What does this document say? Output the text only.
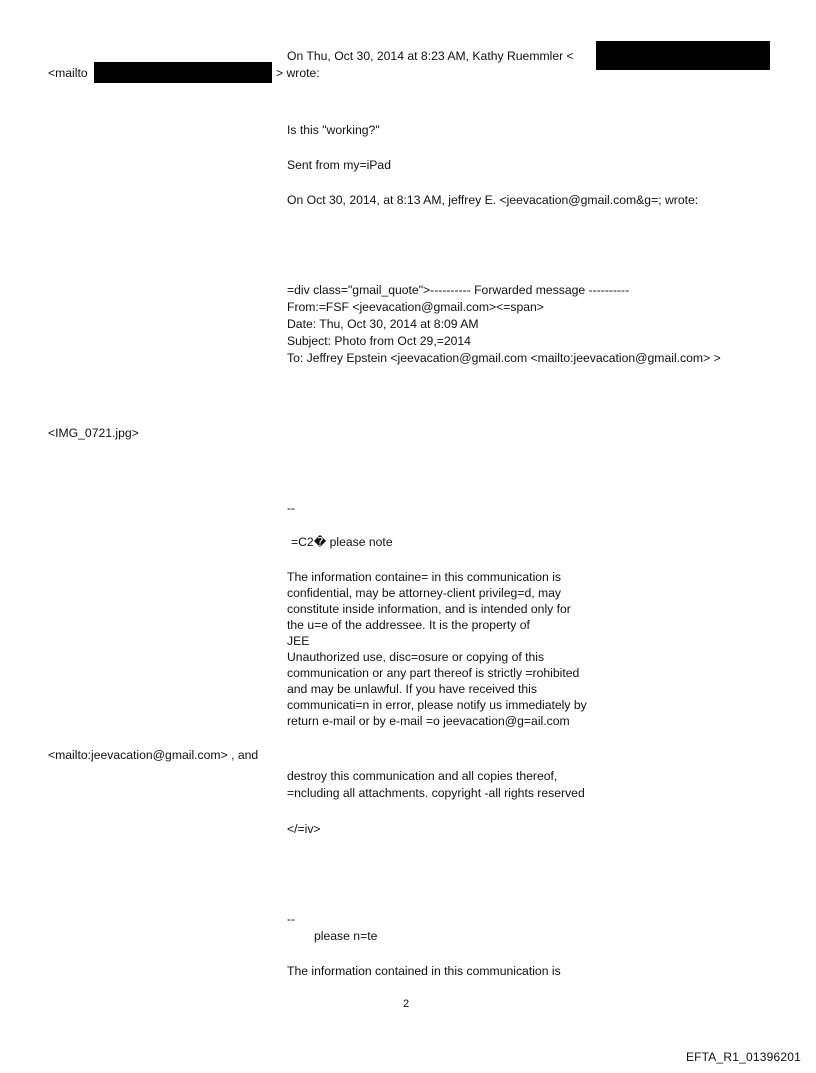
On Thu, Oct 30, 2014 at 8:23 AM, Kathy Ruemmler <

<mailto	> wrote:

Is this "working?"

Sent from my=iPad

On Oct 30, 2014, at 8:13 AM, jeffrey E. <jeevacation@gmail.com&g=; wrote:

=div class="gmail_quote">---------- Forwarded message ----------

From:=FSF <jeevacation@gmail.com><=span>

Date: Thu, Oct 30, 2014 at 8:09 AM

Subject: Photo from Oct 29,=2014

To: Jeffrey Epstein <jeevacation@gmail.com <mailto:jeevacation@gmail.com> >

<IMG_0721.jpg>

--

=C2� please note

The information containe= in this communication is

confidential, may be attorney-client privileg=d, may

constitute inside information, and is intended only for

the u=e of the addressee. It is the property of

JEE

Unauthorized use, disc=osure or copying of this

communication or any part thereof is strictly =rohibited

and may be unlawful. If you have received this

communicati=n in error, please notify us immediately by

return e-mail or by e-mail =o jeevacation@g=ail.com

<mailto:jeevacation@gmail.com> , and

destroy this communication and all copies thereof,

=ncluding all attachments. copyright -all rights reserved

</=iv>

--

please n=te

The information contained in this communication is

2

EFTA_R1_01396201
